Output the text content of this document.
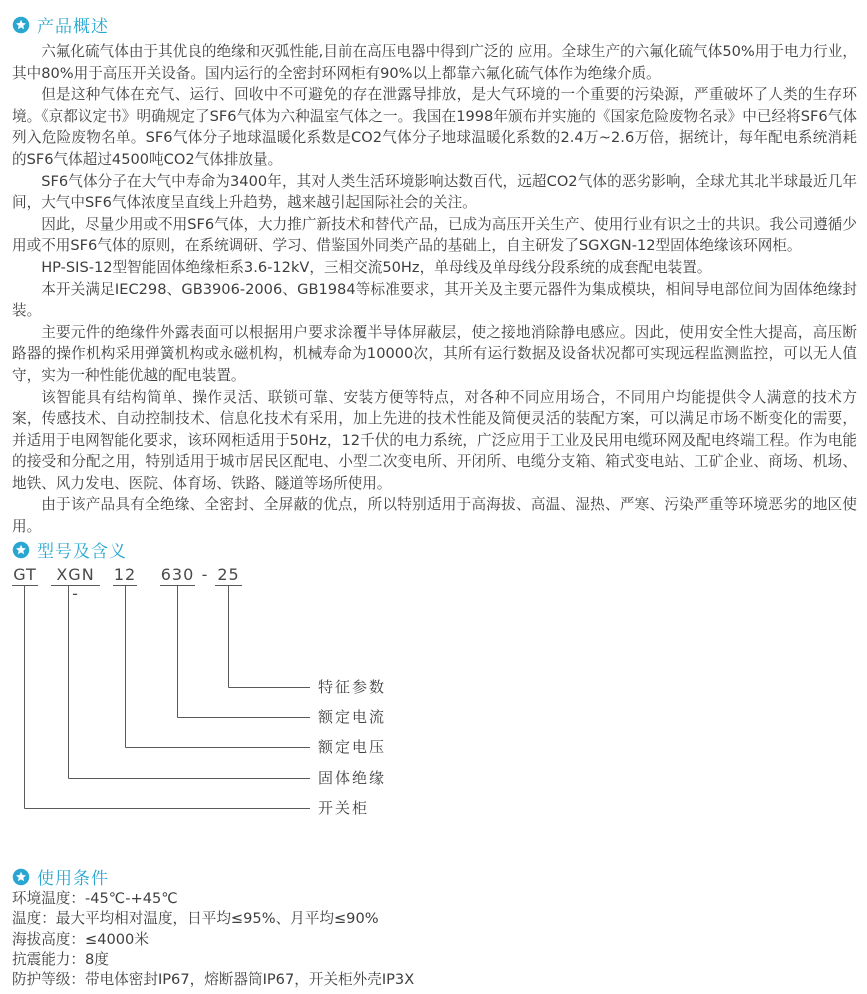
产品概述

六氟化硫气体由于其优良的绝缘和灭弧性能,目前在高压电器中得到广泛的 应用。全球生产的六氟化硫气体50%用于电力行业，其中80%用于高压开关设备。国内运行的全密封环网柜有90%以上都靠六氟化硫气体作为绝缘介质。

但是这种气体在充气、运行、回收中不可避免的存在泄露导排放，是大气环境的一个重要的污染源，严重破坏了人类的生存环境。《京都议定书》明确规定了SF6气体为六种温室气体之一。我国在1998年颁布并实施的《国家危险废物名录》中已经将SF6气体列入危险废物名单。SF6气体分子地球温暖化系数是CO2气体分子地球温暖化系数的2.4万~2.6万倍，据统计，每年配电系统消耗的SF6气体超过4500吨CO2气体排放量。

SF6气体分子在大气中寿命为3400年，其对人类生活环境影响达数百代，远超CO2气体的恶劣影响，全球尤其北半球最近几年间，大气中SF6气体浓度呈直线上升趋势，越来越引起国际社会的关注。

因此，尽量少用或不用SF6气体，大力推广新技术和替代产品，已成为高压开关生产、使用行业有识之士的共识。我公司遵循少用或不用SF6气体的原则，在系统调研、学习、借鉴国外同类产品的基础上，自主研发了SGXGN-12型固体绝缘该环网柜。

HP-SIS-12型智能固体绝缘柜系3.6-12kV，三相交流50Hz，单母线及单母线分段系统的成套配电装置。

本开关满足IEC298、GB3906-2006、GB1984等标准要求，其开关及主要元器件为集成模块，相间导电部位间为固体绝缘封装。

主要元件的绝缘件外露表面可以根据用户要求涂覆半导体屏蔽层，使之接地消除静电感应。因此，使用安全性大提高，高压断路器的操作机构采用弹簧机构或永磁机构，机械寿命为10000次，其所有运行数据及设备状况都可实现远程监测监控，可以无人值守，实为一种性能优越的配电装置。

该智能具有结构简单、操作灵活、联锁可靠、安装方便等特点，对各种不同应用场合，不同用户均能提供令人满意的技术方案，传感技术、自动控制技术、信息化技术有采用，加上先进的技术性能及简便灵活的装配方案，可以满足市场不断变化的需要，并适用于电网智能化要求，该环网柜适用于50Hz，12千伏的电力系统，广泛应用于工业及民用电缆环网及配电终端工程。作为电能的接受和分配之用，特别适用于城市居民区配电、小型二次变电所、开闭所、电缆分支箱、箱式变电站、工矿企业、商场、机场、地铁、风力发电、医院、体育场、铁路、隧道等场所使用。

由于该产品具有全绝缘、全密封、全屏蔽的优点，所以特别适用于高海拔、高温、湿热、严寒、污染严重等环境恶劣的地区使用。

型号及含义
GT	XGN -
12 630 - 25
特征参数
额定电流
额定电压
固体绝缘
开关柜
使用条件
环境温度：-45℃-+45℃
温度：最大平均相对温度，日平均≤95%、月平均≤90%
海拔高度：≤4000米
抗震能力：8度
防护等级：带电体密封IP67，熔断器筒IP67，开关柜外壳IP3X
